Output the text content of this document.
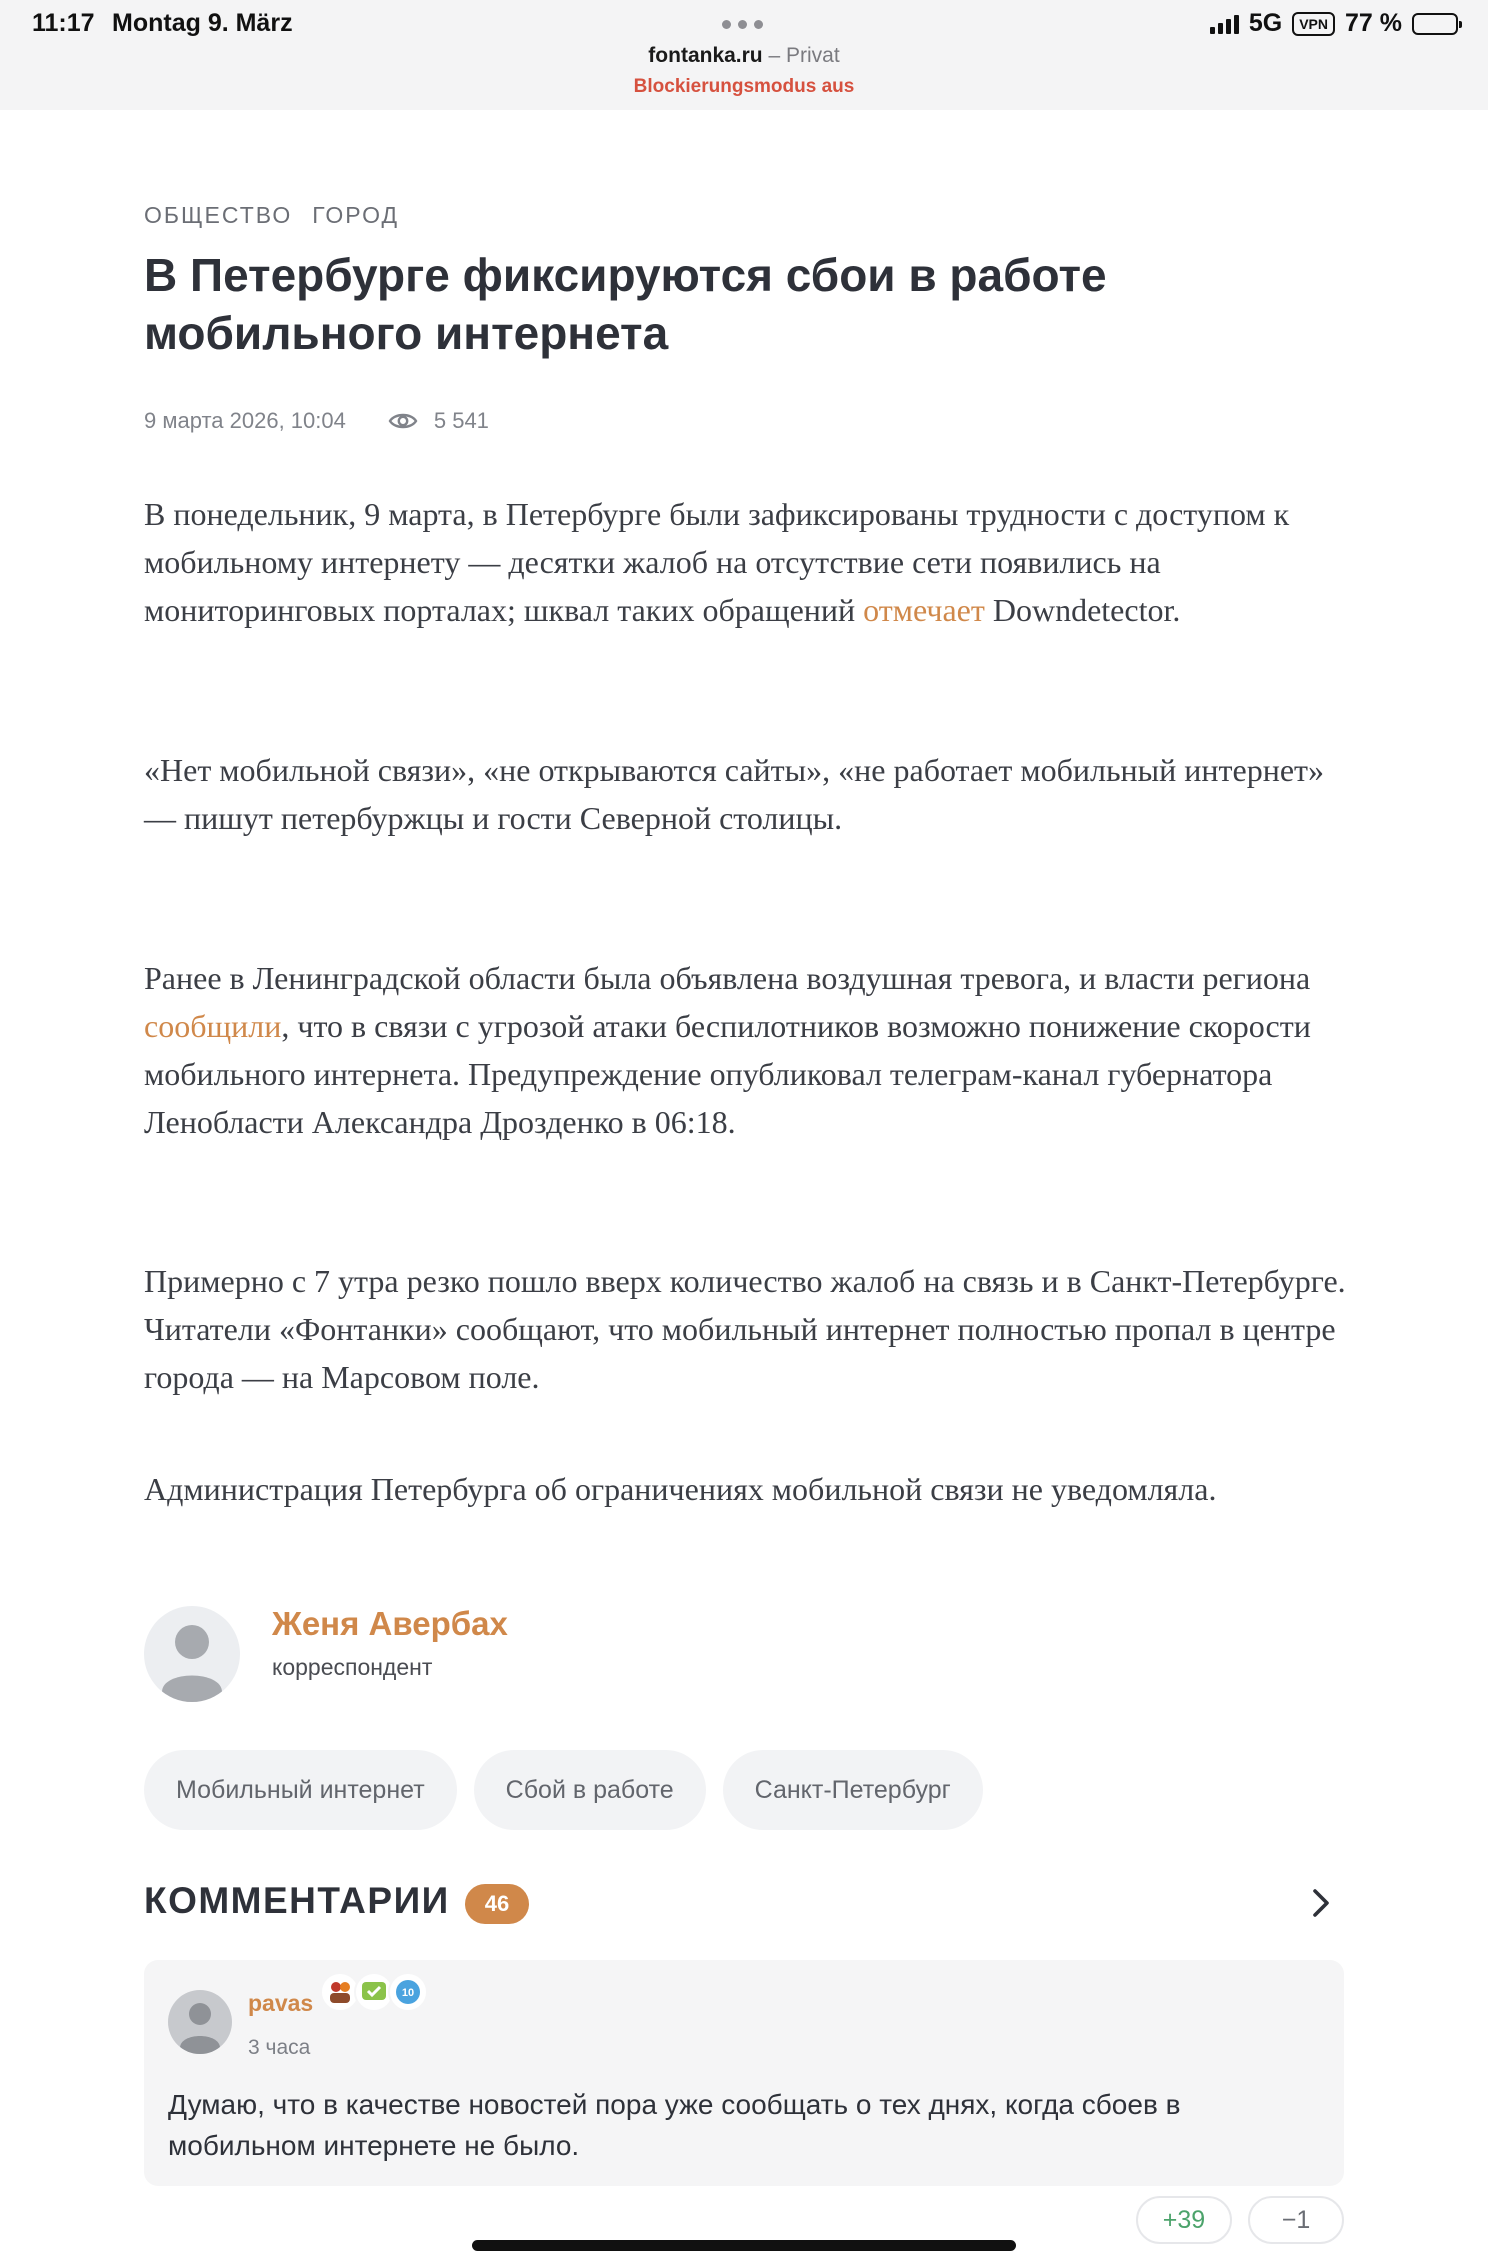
11:17 Montag 9. März	5G	VPN 77 %
fontanka.ru – Privat
Blockierungsmodus aus
ОБЩЕСТВО ГОРОД
В Петербурге фиксируются сбои в работе мобильного интернета
9 марта 2026, 10:04	5 541

В понедельник, 9 марта, в Петербурге были зафиксированы трудности с доступом к мобильному интернету — десятки жалоб на отсутствие сети появились на мониторинговых порталах; шквал таких обращений отмечает Downdetector.

«Нет мобильной связи», «не открываются сайты», «не работает мобильный интернет» — пишут петербуржцы и гости Северной столицы.

Ранее в Ленинградской области была объявлена воздушная тревога, и власти региона сообщили, что в связи с угрозой атаки беспилотников возможно понижение скорости мобильного интернета. Предупреждение опубликовал телеграм-канал губернатора Ленобласти Александра Дрозденко в 06:18.

Примерно с 7 утра резко пошло вверх количество жалоб на связь и в Санкт-Петербурге. Читатели «Фонтанки» сообщают, что мобильный интернет полностью пропал в центре города — на Марсовом поле.

Администрация Петербурга об ограничениях мобильной связи не уведомляла.

Женя Авербах
корреспондент
Мобильный интернет	Сбой в работе	Санкт-Петербург
КОММЕНТАРИИ	46
pavas	10
3 часа

Думаю, что в качестве новостей пора уже сообщать о тех днях, когда сбоев в мобильном интернете не было.

+39	−1
